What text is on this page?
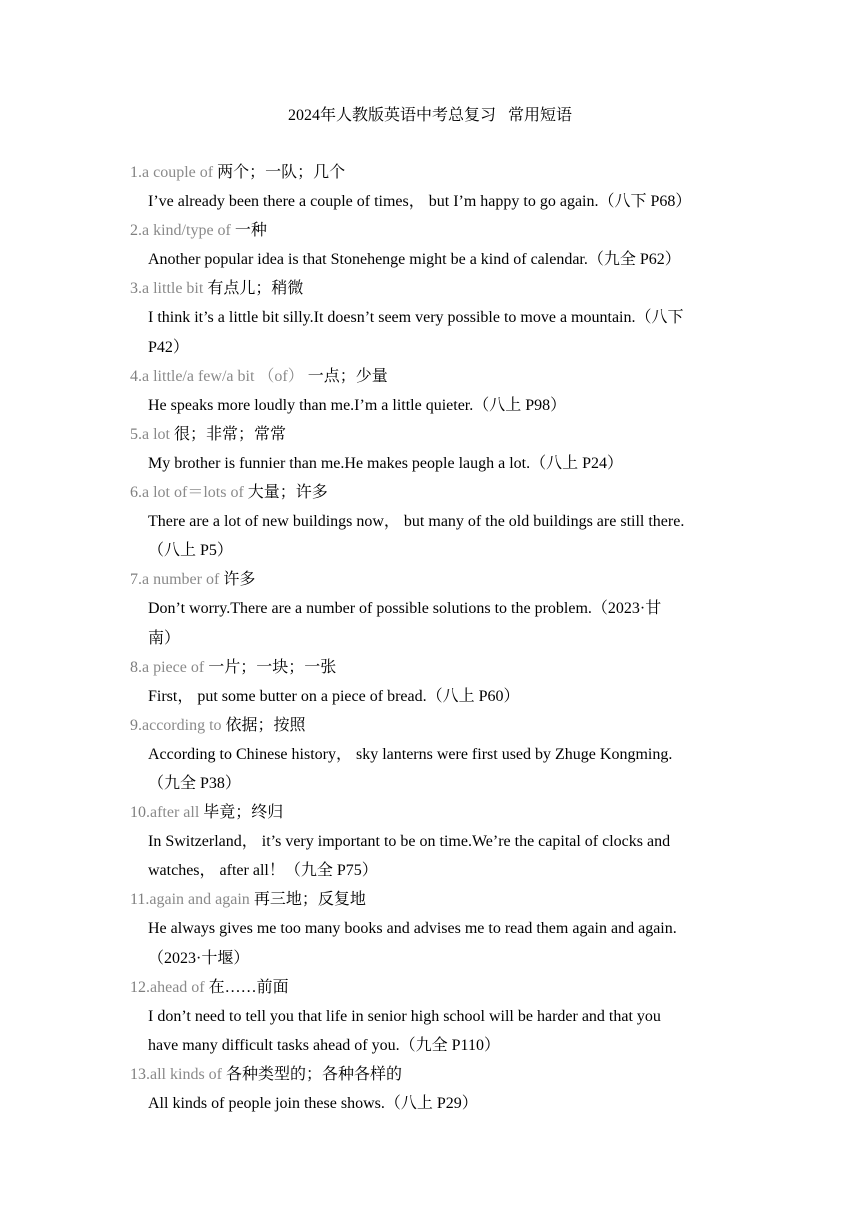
2024年人教版英语中考总复习   常用短语
1.a couple of 两个；一队；几个
I’ve already been there a couple of times， but I’m happy to go again.（八下 P68）
2.a kind/type of 一种
Another popular idea is that Stonehenge might be a kind of calendar.（九全 P62）
3.a little bit 有点儿；稍微
I think it’s a little bit silly.It doesn’t seem very possible to move a mountain.（八下
P42）
4.a little/a few/a bit （of） 一点；少量
He speaks more loudly than me.I’m a little quieter.（八上 P98）
5.a lot 很；非常；常常
My brother is funnier than me.He makes people laugh a lot.（八上 P24）
6.a lot of＝lots of 大量；许多
There are a lot of new buildings now， but many of the old buildings are still there.
（八上 P5）
7.a number of 许多
Don’t worry.There are a number of possible solutions to the problem.（2023·甘
南）
8.a piece of 一片；一块；一张
First， put some butter on a piece of bread.（八上 P60）
9.according to 依据；按照
According to Chinese history， sky lanterns were first used by Zhuge Kongming.
（九全 P38）
10.after all 毕竟；终归
In Switzerland， it’s very important to be on time.We’re the capital of clocks and
watches， after all！（九全 P75）
11.again and again 再三地；反复地
He always gives me too many books and advises me to read them again and again.
（2023·十堰）
12.ahead of 在……前面
I don’t need to tell you that life in senior high school will be harder and that you
have many difficult tasks ahead of you.（九全 P110）
13.all kinds of 各种类型的；各种各样的
All kinds of people join these shows.（八上 P29）
